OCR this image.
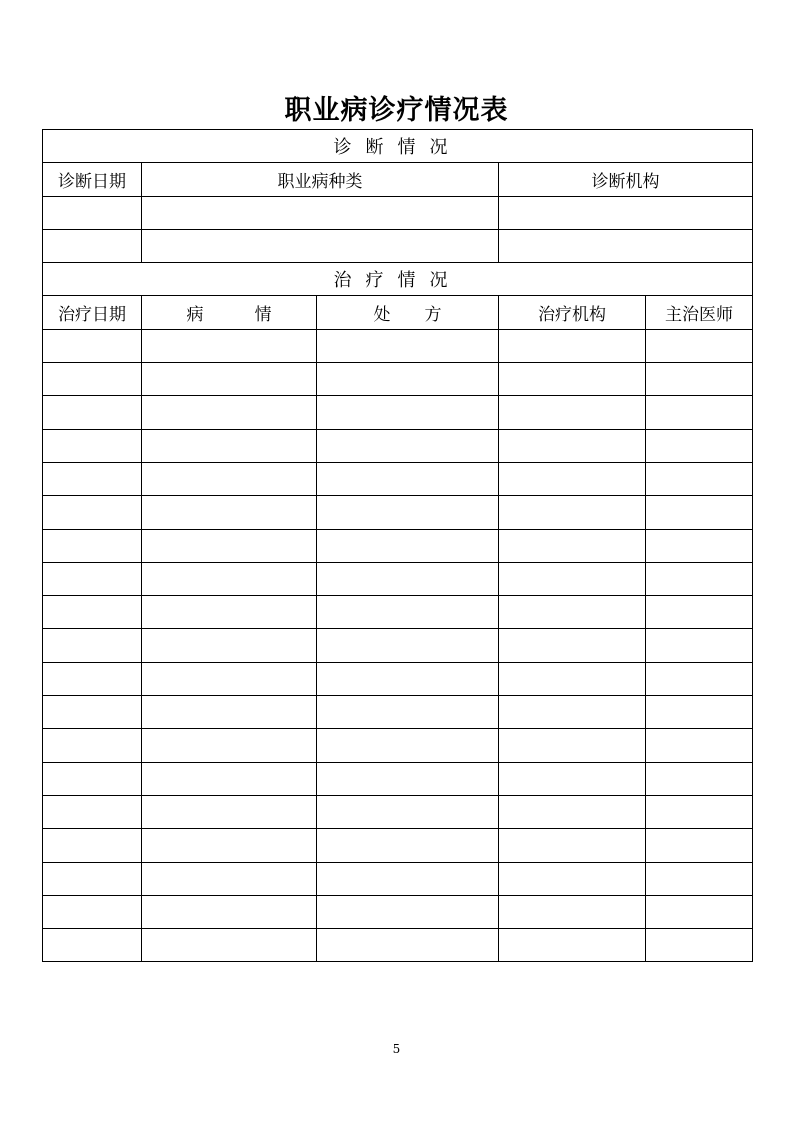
职业病诊疗情况表
诊断情况				
诊断日期	职业病种类		诊断机构	

治疗情况				
治疗日期	病　　　情	处　　方	治疗机构	主治医师

5
